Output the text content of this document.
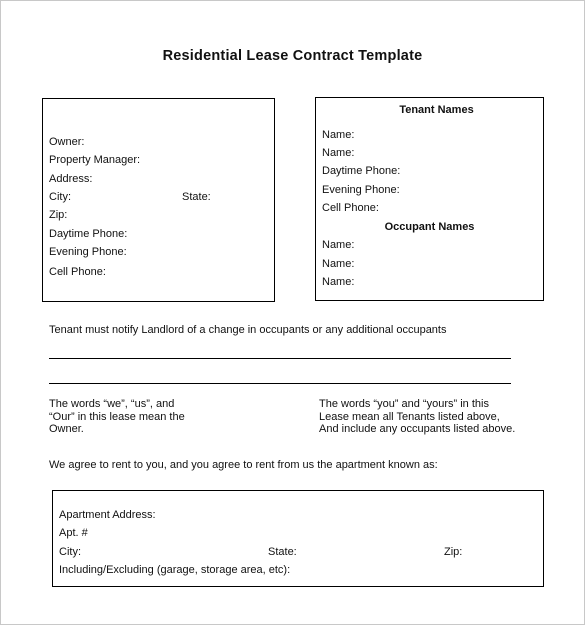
Residential Lease Contract Template
Owner:
Property Manager:
Address:
City:	State:
Zip:
Daytime Phone:
Evening Phone:
Cell Phone:
Tenant Names
Name:
Name:
Daytime Phone:
Evening Phone:
Cell Phone:
Occupant Names
Name:
Name:
Name:
Tenant must notify Landlord of a change in occupants or any additional occupants
The words “we”, “us”, and
“Our” in this lease mean the
Owner.
The words “you” and “yours” in this
Lease mean all Tenants listed above,
And include any occupants listed above.
We agree to rent to you, and you agree to rent from us the apartment known as:
Apartment Address:
Apt. #
City:	State:	Zip:
Including/Excluding (garage, storage area, etc):
